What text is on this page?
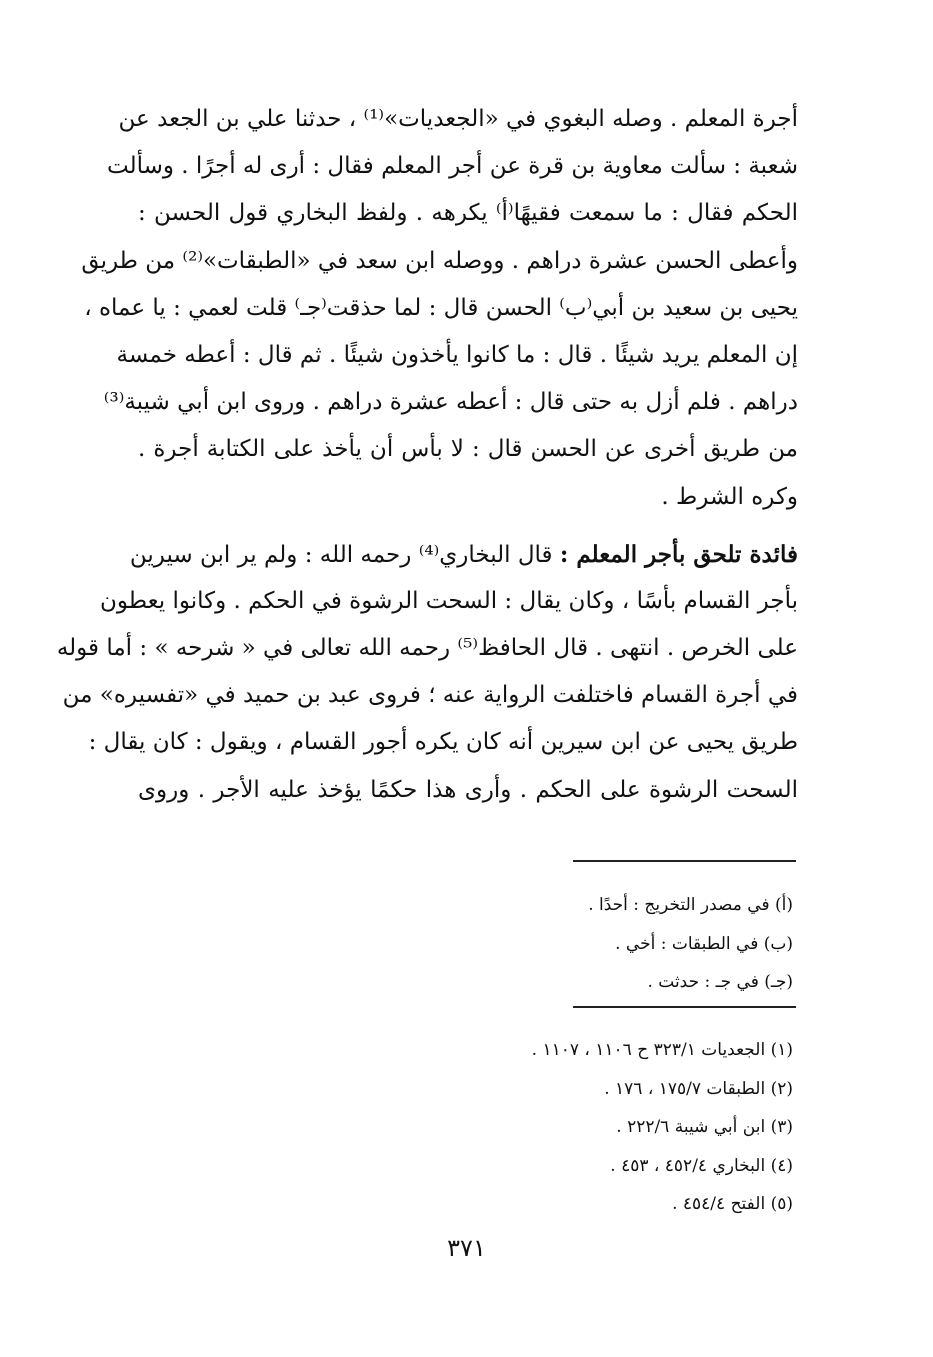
أجرة المعلم . وصله البغوي في «الجعديات»⁽¹⁾ ، حدثنا علي بن الجعد عن
شعبة : سألت معاوية بن قرة عن أجر المعلم فقال : أرى له أجرًا . وسألت
الحكم فقال : ما سمعت فقيهًا⁽أ⁾ يكرهه . ولفظ البخاري قول الحسن :
وأعطى الحسن عشرة دراهم . ووصله ابن سعد في «الطبقات»⁽²⁾ من طريق
يحيى بن سعيد بن أبي⁽ب⁾ الحسن قال : لما حذقت⁽جـ⁾ قلت لعمي : يا عماه ،
إن المعلم يريد شيئًا . قال : ما كانوا يأخذون شيئًا . ثم قال : أعطه خمسة
دراهم . فلم أزل به حتى قال : أعطه عشرة دراهم . وروى ابن أبي شيبة⁽³⁾
من طريق أخرى عن الحسن قال : لا بأس أن يأخذ على الكتابة أجرة .
وكره الشرط .
فائدة تلحق بأجر المعلم : قال البخاري⁽⁴⁾ رحمه الله : ولم ير ابن سيرين
بأجر القسام بأسًا ، وكان يقال : السحت الرشوة في الحكم . وكانوا يعطون
على الخرص . انتهى . قال الحافظ⁽⁵⁾ رحمه الله تعالى في « شرحه » : أما قوله
في أجرة القسام فاختلفت الرواية عنه ؛ فروى عبد بن حميد في «تفسيره» من
طريق يحيى عن ابن سيرين أنه كان يكره أجور القسام ، ويقول : كان يقال :
السحت الرشوة على الحكم . وأرى هذا حكمًا يؤخذ عليه الأجر . وروى
(أ) في مصدر التخريج : أحدًا .
(ب) في الطبقات : أخي .
(جـ) في جـ : حدثت .
(١) الجعديات ٣٢٣/١ ح ١١٠٦ ، ١١٠٧ .
(٢) الطبقات ١٧٥/٧ ، ١٧٦ .
(٣) ابن أبي شيبة ٢٢٢/٦ .
(٤) البخاري ٤٥٢/٤ ، ٤٥٣ .
(٥) الفتح ٤٥٤/٤ .
٣٧١
